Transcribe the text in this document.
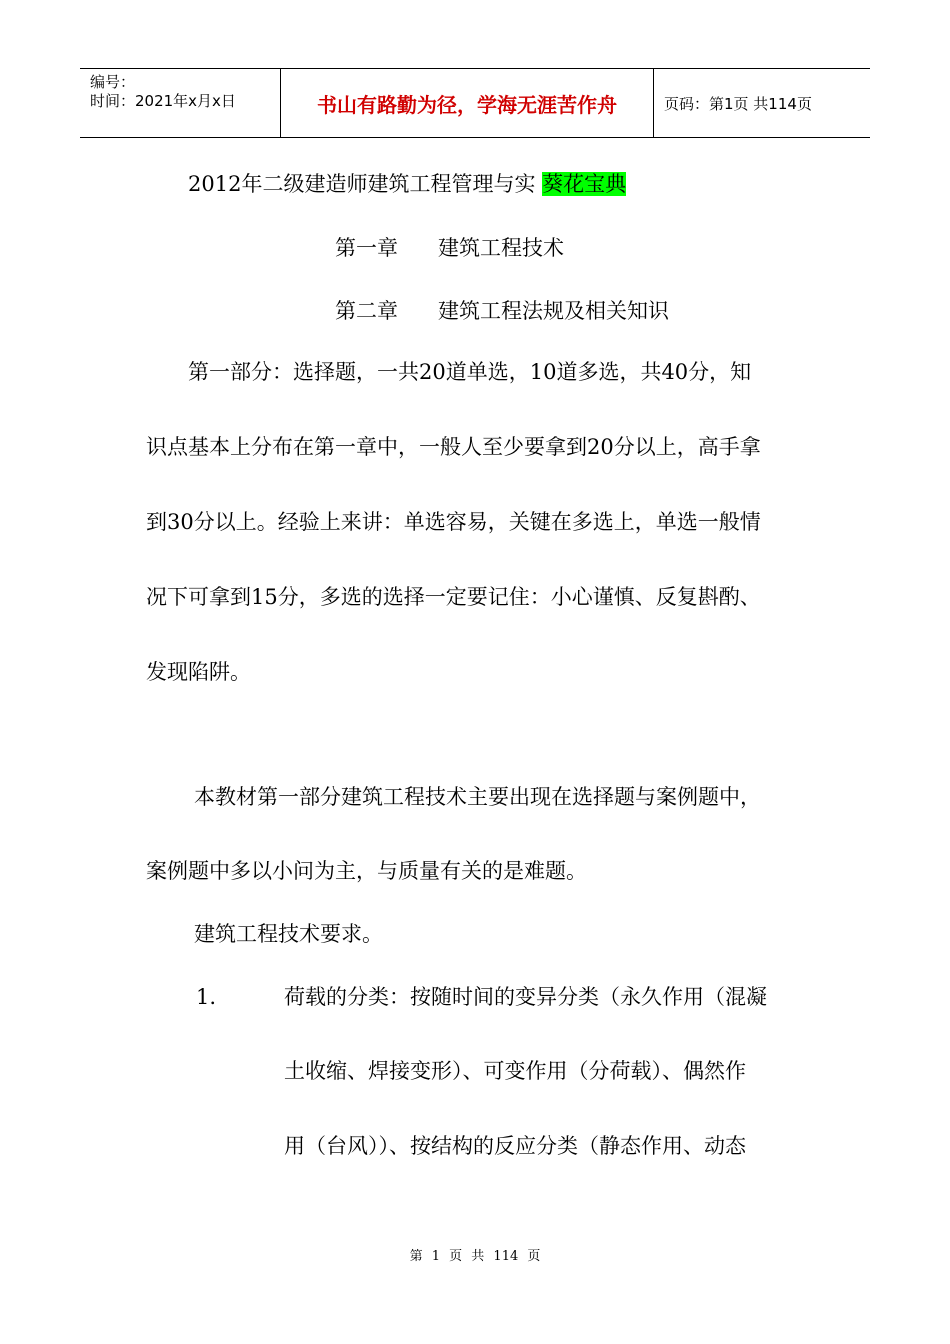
编号：
时间：2021年x月x日	书山有路勤为径，学海无涯苦作舟	页码：第1页 共114页
2012年二级建造师建筑工程管理与实 葵花宝典
第一章 建筑工程技术
第二章 建筑工程法规及相关知识
第一部分：选择题，一共20道单选，10道多选，共40分，知
识点基本上分布在第一章中，一般人至少要拿到20分以上，高手拿
到30分以上。经验上来讲：单选容易，关键在多选上，单选一般情
况下可拿到15分，多选的选择一定要记住：小心谨慎、反复斟酌、
发现陷阱。
本教材第一部分建筑工程技术主要出现在选择题与案例题中，
案例题中多以小问为主，与质量有关的是难题。
建筑工程技术要求。
1.	荷载的分类：按随时间的变异分类（永久作用（混凝
土收缩、焊接变形）、可变作用（分荷载）、偶然作
用（台风））、按结构的反应分类（静态作用、动态
第 1 页 共 114 页
